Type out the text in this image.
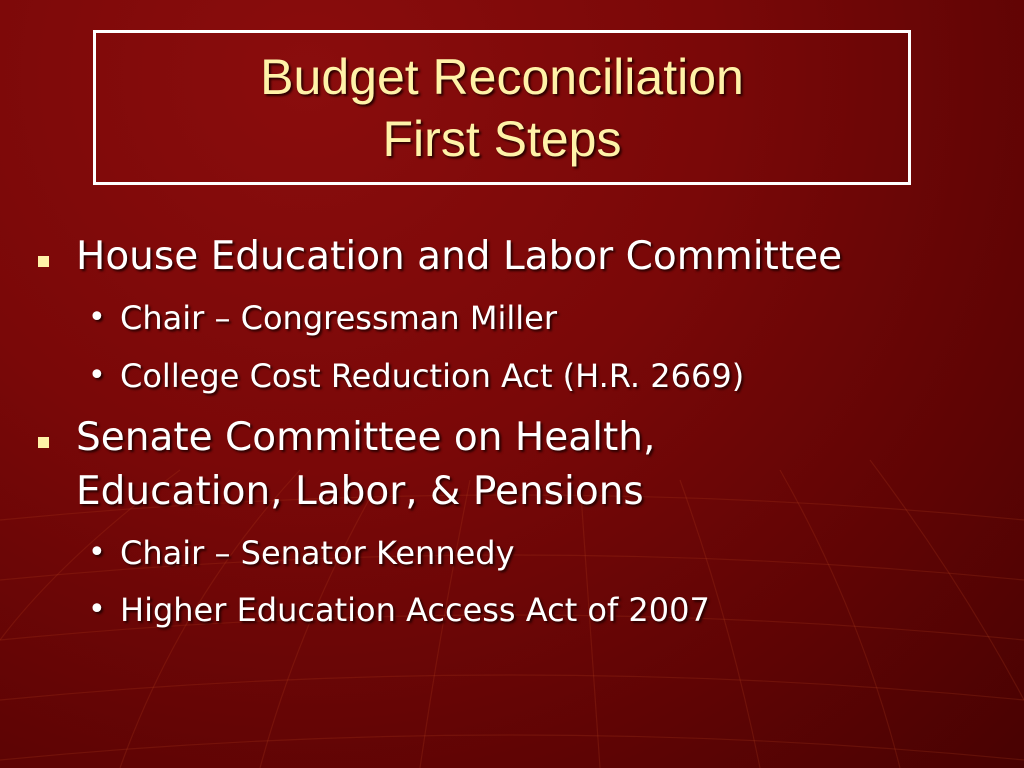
Budget Reconciliation
First Steps
House Education and Labor Committee
• Chair – Congressman Miller
• College Cost Reduction Act (H.R. 2669)
Senate Committee on Health,
Education, Labor, & Pensions
• Chair – Senator Kennedy
• Higher Education Access Act of 2007
